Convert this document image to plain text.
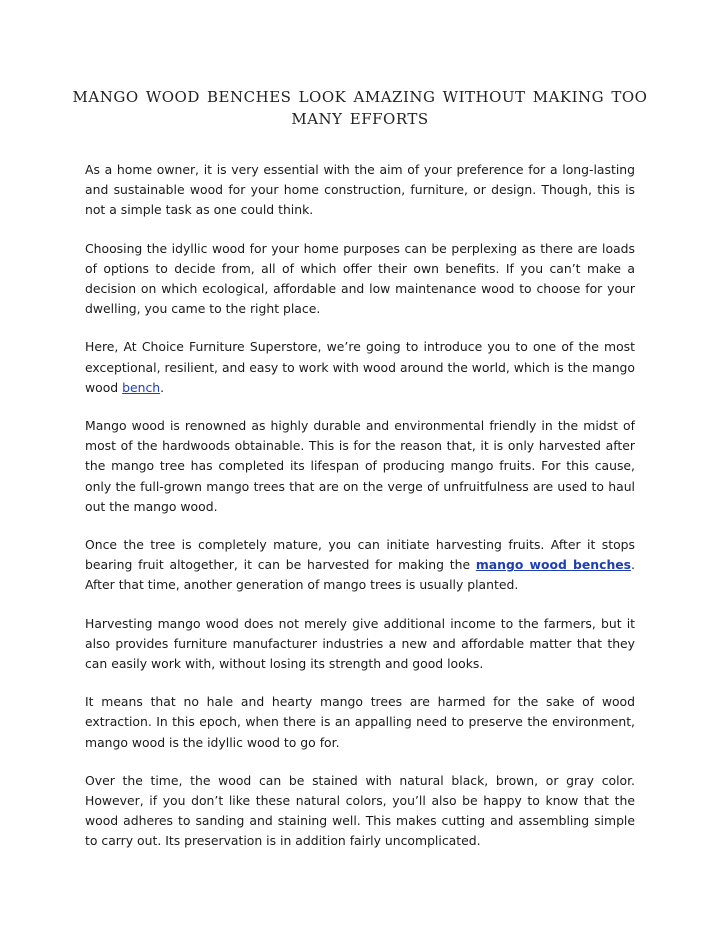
mango wood benches look amazing without making too many efforts

As a home owner, it is very essential with the aim of your preference for a long-lasting and sustainable wood for your home construction, furniture, or design. Though, this is not a simple task as one could think.

Choosing the idyllic wood for your home purposes can be perplexing as there are loads of options to decide from, all of which offer their own benefits. If you can’t make a decision on which ecological, affordable and low maintenance wood to choose for your dwelling, you came to the right place.

Here, At Choice Furniture Superstore, we’re going to introduce you to one of the most exceptional, resilient, and easy to work with wood around the world, which is the mango wood bench.

Mango wood is renowned as highly durable and environmental friendly in the midst of most of the hardwoods obtainable. This is for the reason that, it is only harvested after the mango tree has completed its lifespan of producing mango fruits. For this cause, only the full-grown mango trees that are on the verge of unfruitfulness are used to haul out the mango wood.

Once the tree is completely mature, you can initiate harvesting fruits. After it stops bearing fruit altogether, it can be harvested for making the mango wood benches. After that time, another generation of mango trees is usually planted.

Harvesting mango wood does not merely give additional income to the farmers, but it also provides furniture manufacturer industries a new and affordable matter that they can easily work with, without losing its strength and good looks.

It means that no hale and hearty mango trees are harmed for the sake of wood extraction. In this epoch, when there is an appalling need to preserve the environment, mango wood is the idyllic wood to go for.

Over the time, the wood can be stained with natural black, brown, or gray color. However, if you don’t like these natural colors, you’ll also be happy to know that the wood adheres to sanding and staining well. This makes cutting and assembling simple to carry out. Its preservation is in addition fairly uncomplicated.
